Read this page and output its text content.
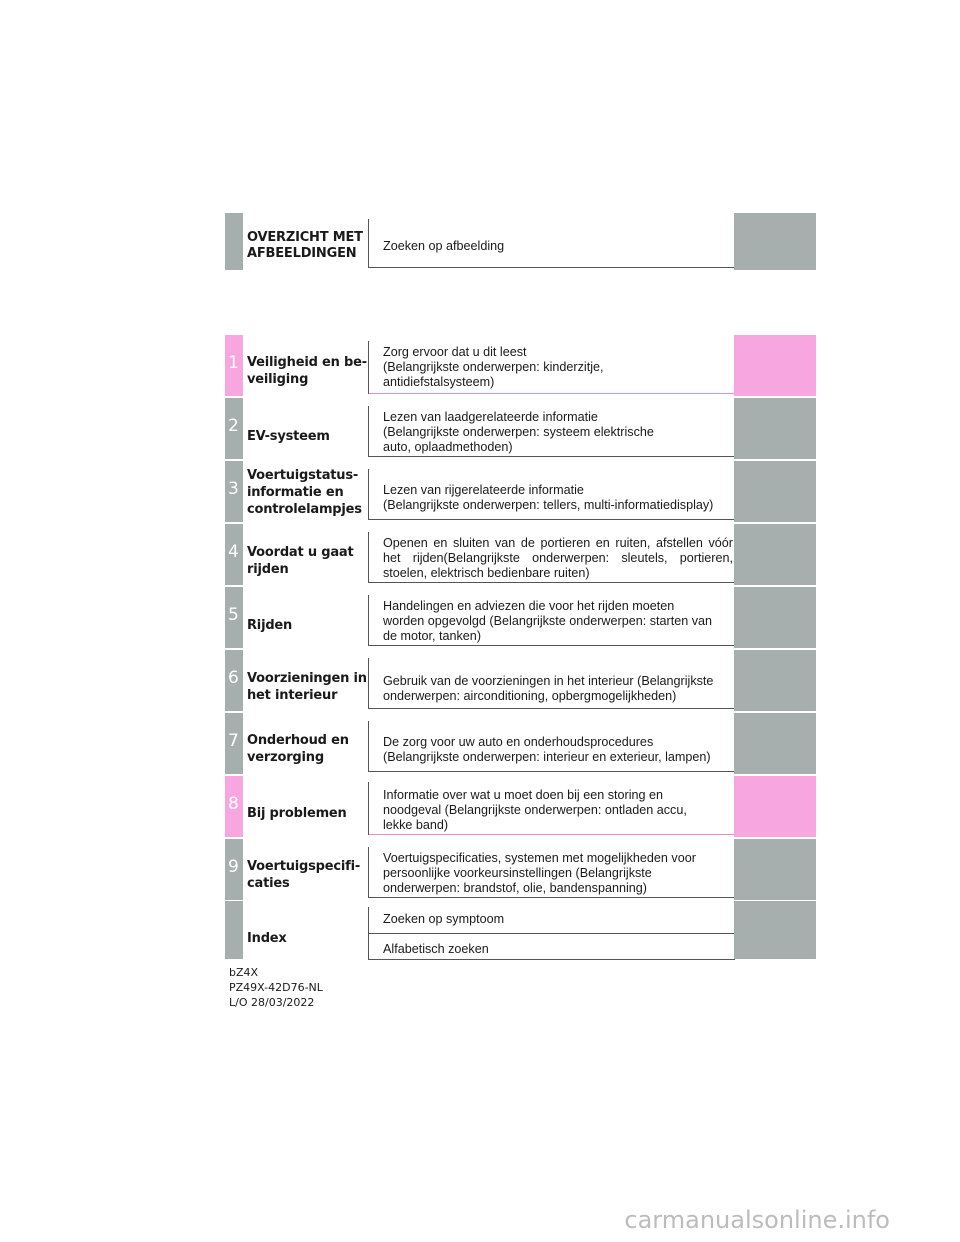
OVERZICHT MET
AFBEELDINGEN	Zoeken op afbeelding
1 Veiligheid en be-
veiliging
Zorg ervoor dat u dit leest
(Belangrijkste onderwerpen: kinderzitje,
antidiefstalsysteem)
2
EV-systeem
Lezen van laadgerelateerde informatie
(Belangrijkste onderwerpen: systeem elektrische
auto, oplaadmethoden)
3
Voertuigstatus-
informatie en
controlelampjes
Lezen van rijgerelateerde informatie
(Belangrijkste onderwerpen: tellers, multi-informatiedisplay)
4 Voordat u gaat
rijden
Openen en sluiten van de portieren en ruiten, afstellen vóór het rijden(Belangrijkste onderwerpen: sleutels, portieren, stoelen, elektrisch bedienbare ruiten)
5
Rijden
Handelingen en adviezen die voor het rijden moeten
worden opgevolgd (Belangrijkste onderwerpen: starten van
de motor, tanken)
6 Voorzieningen in
het interieur
Gebruik van de voorzieningen in het interieur (Belangrijkste
onderwerpen: airconditioning, opbergmogelijkheden)
7 Onderhoud en
verzorging
De zorg voor uw auto en onderhoudsprocedures
(Belangrijkste onderwerpen: interieur en exterieur, lampen)
8 Bij problemen
Informatie over wat u moet doen bij een storing en
noodgeval (Belangrijkste onderwerpen: ontladen accu,
lekke band)
9 Voertuigspecifi-
caties
Voertuigspecificaties, systemen met mogelijkheden voor
persoonlijke voorkeursinstellingen (Belangrijkste
onderwerpen: brandstof, olie, bandenspanning)
Index
Zoeken op symptoom
Alfabetisch zoeken
bZ4X
PZ49X-42D76-NL
L/O 28/03/2022
carmanualsonline.info
